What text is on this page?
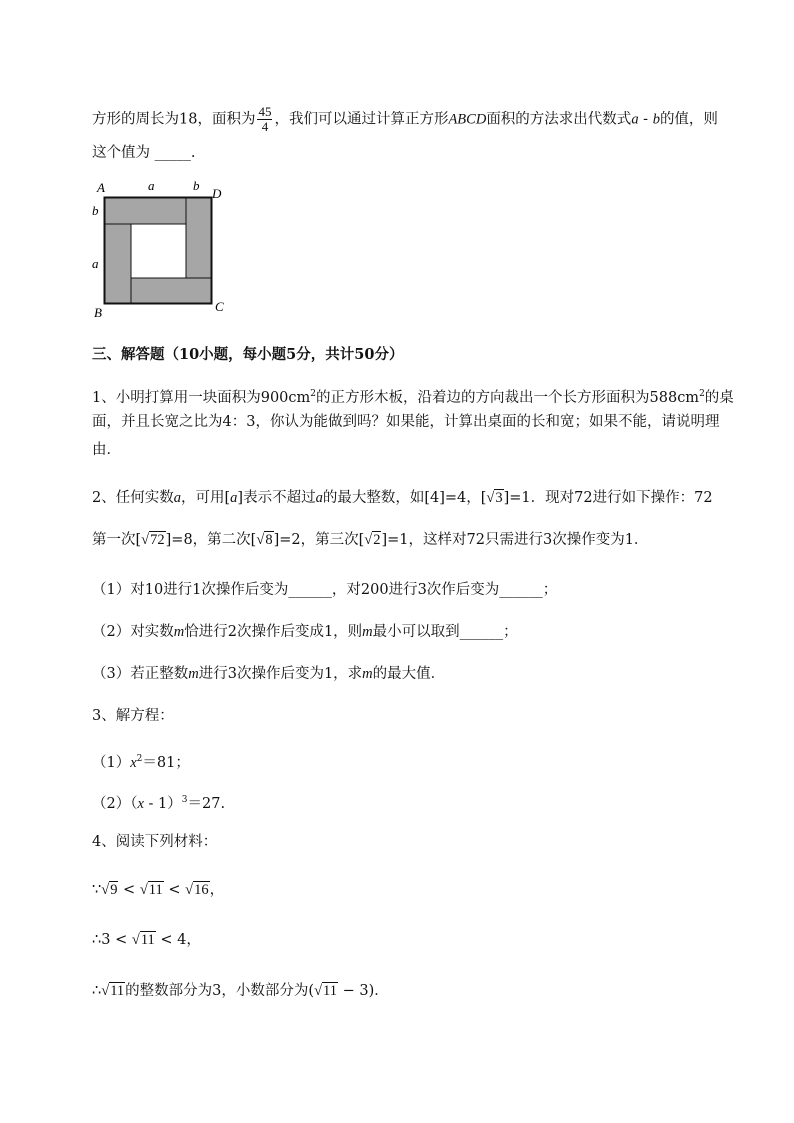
方形的周长为18，面积为 $\frac{45}{4}$ ，我们可以通过计算正方形ABCD面积的方法求出代数式a - b的值，则
这个值为 _____.
A	a	b
D
b
a
B	C
三、解答题（10小题，每小题5分，共计50分）
1、小明打算用一块面积为$900cm^2$的正方形木板，沿着边的方向裁出一个长方形面积为$588cm^2$的桌
面，并且长宽之比为4：3，你认为能做到吗？如果能，计算出桌面的长和宽；如果不能，请说明理
由．
2、任何实数a，可用[a]表示不超过a的最大整数，如[4]=4，[√3]=1．现对72进行如下操作：72
第一次[√72]=8，第二次[√8]=2，第三次[√2]=1，这样对72只需进行3次操作变为1．
（1）对10进行1次操作后变为______，对200进行3次作后变为______；
（2）对实数m恰进行2次操作后变成1，则m最小可以取到______；
（3）若正整数m进行3次操作后变为1，求m的最大值．
3、解方程：
$(1)x^2=81$；
（2）（x - 1）$^3$＝27.
4、阅读下列材料：
∵√9 < √11 < √16，
∴3 < √11 < 4，
∴√11的整数部分为3，小数部分为(√11 − 3)．
